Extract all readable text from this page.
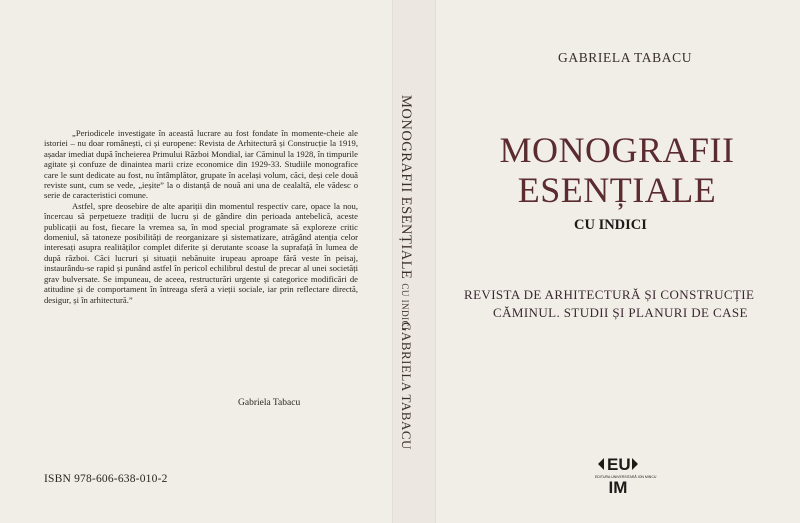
„Periodicele investigate în această lucrare au fost fondate în momente-cheie ale istoriei – nu doar românești, ci și europene: Revista de Arhitectură și Construcție la 1919, așadar imediat după încheierea Primului Război Mondial, iar Căminul la 1928, în timpurile agitate și confuze de dinaintea marii crize economice din 1929-33. Studiile monografice care le sunt dedicate au fost, nu întâmplător, grupate în același volum, căci, deși cele două reviste sunt, cum se vede, „ieșite” la o distanță de nouă ani una de cealaltă, ele vădesc o serie de caracteristici comune.

Astfel, spre deosebire de alte apariții din momentul respectiv care, opace la nou, încercau să perpetueze tradiții de lucru și de gândire din perioada antebelică, aceste publicații au fost, fiecare la vremea sa, în mod special programate să exploreze critic domeniul, să tatoneze posibilități de reorganizare și sistematizare, atrăgând atenția celor interesați asupra realităților complet diferite și derutante scoase la suprafață în lumea de după război. Căci lucruri și situații nebănuite irupeau aproape fără veste în peisaj, instaurându-se rapid și punând astfel în pericol echilibrul destul de precar al unei societăți grav bulversate. Se impuneau, de aceea, restructurări urgente și categorice modificări de atitudine și de comportament în întreaga sferă a vieții sociale, iar prin reflectare directă, desigur, și în arhitectură.”

Gabriela Tabacu
ISBN 978-606-638-010-2
MONOGRAFII ESENȚIALECU INDICI
GABRIELA TABACU
GABRIELA TABACU
MONOGRAFII
ESENȚIALE
CU INDICI
REVISTA DE ARHITECTURĂ ȘI CONSTRUCȚIE
CĂMINUL. STUDII ȘI PLANURI DE CASE
EU
EDITURA UNIVERSITARĂ ION MINCU
IM
